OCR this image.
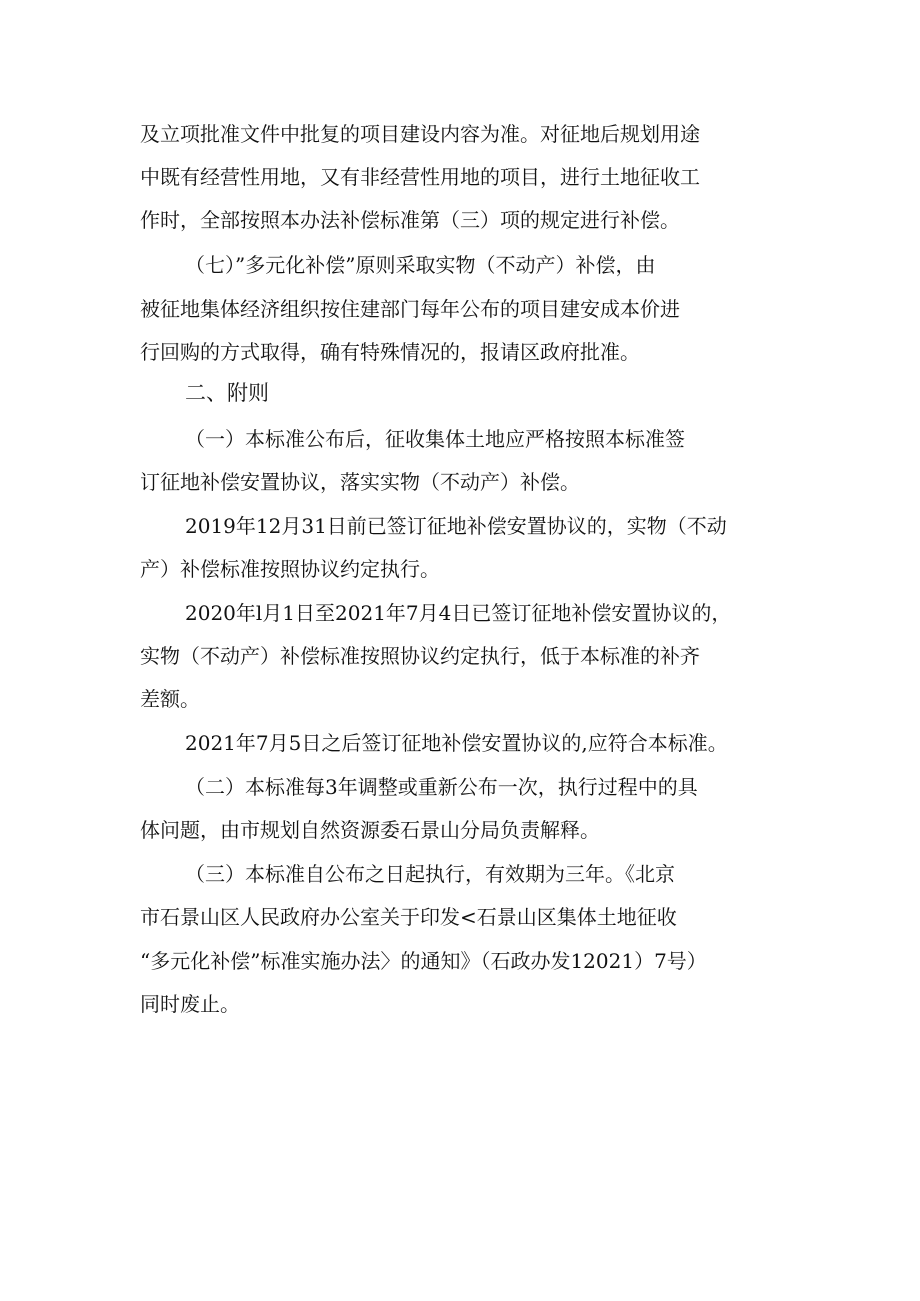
及立项批准文件中批复的项目建设内容为准。对征地后规划用途
中既有经营性用地，又有非经营性用地的项目，进行土地征收工
作时，全部按照本办法补偿标准第（三）项的规定进行补偿。
（七）”多元化补偿”原则采取实物（不动产）补偿，由
被征地集体经济组织按住建部门每年公布的项目建安成本价进
行回购的方式取得，确有特殊情况的，报请区政府批准。
二、附则
（一）本标准公布后，征收集体土地应严格按照本标准签
订征地补偿安置协议，落实实物（不动产）补偿。
2019年12月31日前已签订征地补偿安置协议的，实物（不动
产）补偿标准按照协议约定执行。
2020年l月1日至2021年7月4日已签订征地补偿安置协议的，
实物（不动产）补偿标准按照协议约定执行，低于本标准的补齐
差额。
2021年7月5日之后签订征地补偿安置协议的,应符合本标准。
（二）本标准每3年调整或重新公布一次，执行过程中的具
体问题，由市规划自然资源委石景山分局负责解释。
（三）本标准自公布之日起执行，有效期为三年。《北京
市石景山区人民政府办公室关于印发<石景山区集体土地征收
“多元化补偿”标准实施办法〉的通知》（石政办发12021）7号）
同时废止。
